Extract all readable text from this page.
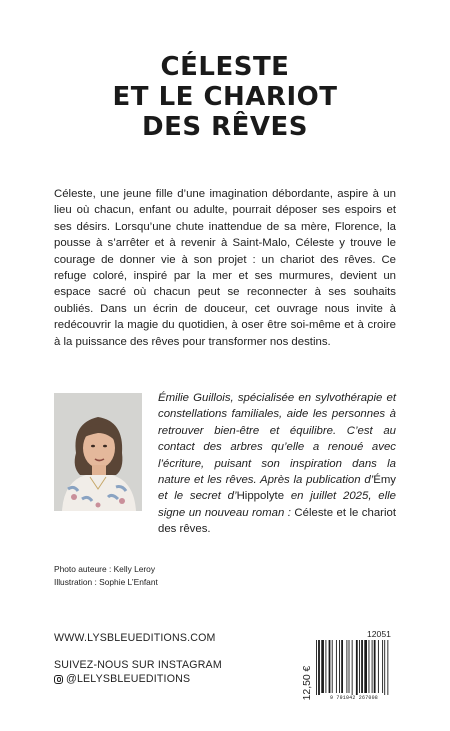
CÉLESTE
ET LE CHARIOT
DES RÊVES
Céleste, une jeune fille d’une imagination débordante, aspire à un lieu où chacun, enfant ou adulte, pourrait déposer ses espoirs et ses désirs. Lorsqu’une chute inattendue de sa mère, Florence, la pousse à s’arrêter et à revenir à Saint-Malo, Céleste y trouve le courage de donner vie à son projet : un chariot des rêves. Ce refuge coloré, inspiré par la mer et ses murmures, devient un espace sacré où chacun peut se reconnecter à ses souhaits oubliés. Dans un écrin de douceur, cet ouvrage nous invite à redécouvrir la magie du quotidien, à oser être soi-même et à croire à la puissance des rêves pour transformer nos destins.
Émilie Guillois, spécialisée en sylvothérapie et constellations familiales, aide les personnes à retrouver bien-être et équilibre. C’est au contact des arbres qu’elle a renoué avec l’écriture, puisant son inspiration dans la nature et les rêves. Après la publication d’Émy et le secret d’Hippolyte en juillet 2025, elle signe un nouveau roman : Céleste et le chariot des rêves.
Photo auteure : Kelly Leroy
Illustration : Sophie L’Enfant
WWW.LYSBLEUEDITIONS.COM
SUIVEZ-NOUS SUR INSTAGRAM
@LELYSBLEUEDITIONS
12051
12,50 €	9 791042 267008
